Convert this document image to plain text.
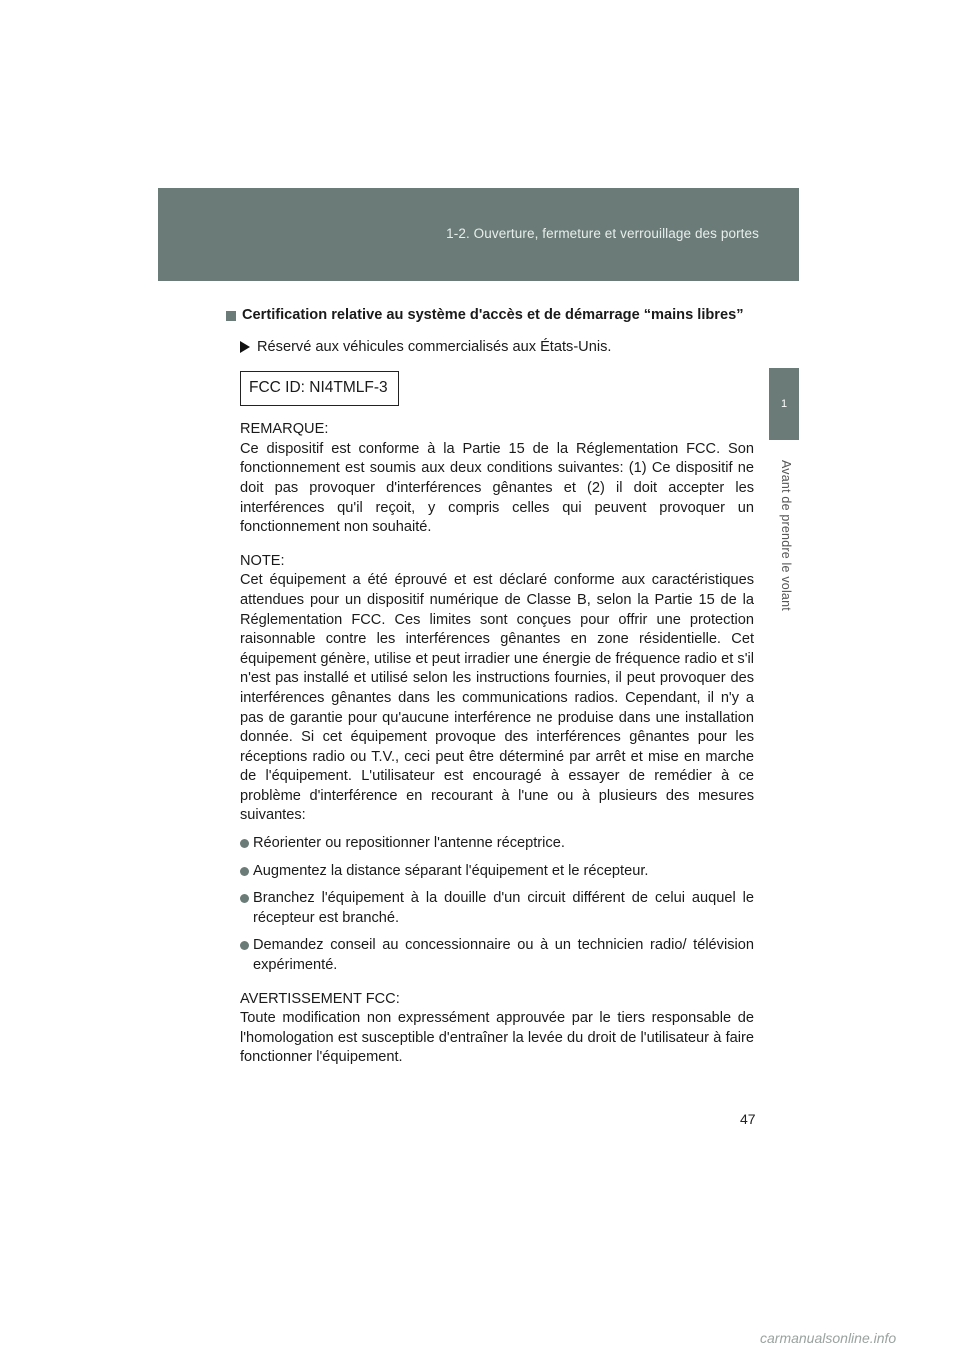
1-2. Ouverture, fermeture et verrouillage des portes
1
Avant de prendre le volant
Certification relative au système d'accès et de démarrage “mains libres”
Réservé aux véhicules commercialisés aux États-Unis.
FCC ID: NI4TMLF-3
REMARQUE:
Ce dispositif est conforme à la Partie 15 de la Réglementation FCC. Son fonctionnement est soumis aux deux conditions suivantes: (1) Ce dispositif ne doit pas provoquer d'interférences gênantes et (2) il doit accepter les interférences qu'il reçoit, y compris celles qui peuvent provoquer un fonctionnement non souhaité.
NOTE:
Cet équipement a été éprouvé et est déclaré conforme aux caractéristiques attendues pour un dispositif numérique de Classe B, selon la Partie 15 de la Réglementation FCC. Ces limites sont conçues pour offrir une protection raisonnable contre les interférences gênantes en zone résidentielle. Cet équipement génère, utilise et peut irradier une énergie de fréquence radio et s'il n'est pas installé et utilisé selon les instructions fournies, il peut provoquer des interférences gênantes dans les communications radios. Cependant, il n'y a pas de garantie pour qu'aucune interférence ne produise dans une installation donnée. Si cet équipement provoque des interférences gênantes pour les réceptions radio ou T.V., ceci peut être déterminé par arrêt et mise en marche de l'équipement. L'utilisateur est encouragé à essayer de remédier à ce problème d'interférence en recourant à l'une ou à plusieurs des mesures suivantes:
Réorienter ou repositionner l'antenne réceptrice.
Augmentez la distance séparant l'équipement et le récepteur.
Branchez l'équipement à la douille d'un circuit différent de celui auquel le récepteur est branché.
Demandez conseil au concessionnaire ou à un technicien radio/ télévision expérimenté.
AVERTISSEMENT FCC:
Toute modification non expressément approuvée par le tiers responsable de l'homologation est susceptible d'entraîner la levée du droit de l'utilisateur à faire fonctionner l'équipement.
47
carmanualsonline.info
